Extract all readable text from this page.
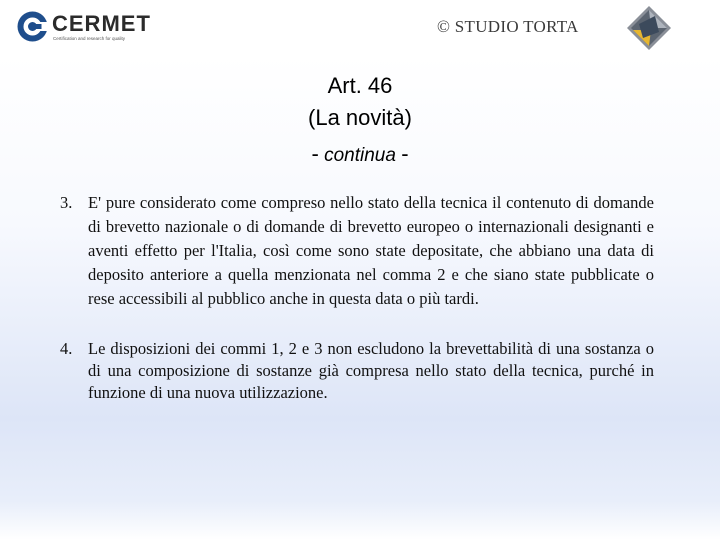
CERMET
Certification and research for quality
© STUDIO TORTA
Art. 46
(La novità)
- continua -
3. E' pure considerato come compreso nello stato della tecnica il contenuto di domande di brevetto nazionale o di domande di brevetto europeo o internazionali designanti e aventi effetto per l'Italia, così come sono state depositate, che abbiano una data di deposito anteriore a quella menzionata nel comma 2 e che siano state pubblicate o rese accessibili al pubblico anche in questa data o più tardi.
4. Le disposizioni dei commi 1, 2 e 3 non escludono la brevettabilità di una sostanza o di una composizione di sostanze già compresa nello stato della tecnica, purché in funzione di una nuova utilizzazione.
